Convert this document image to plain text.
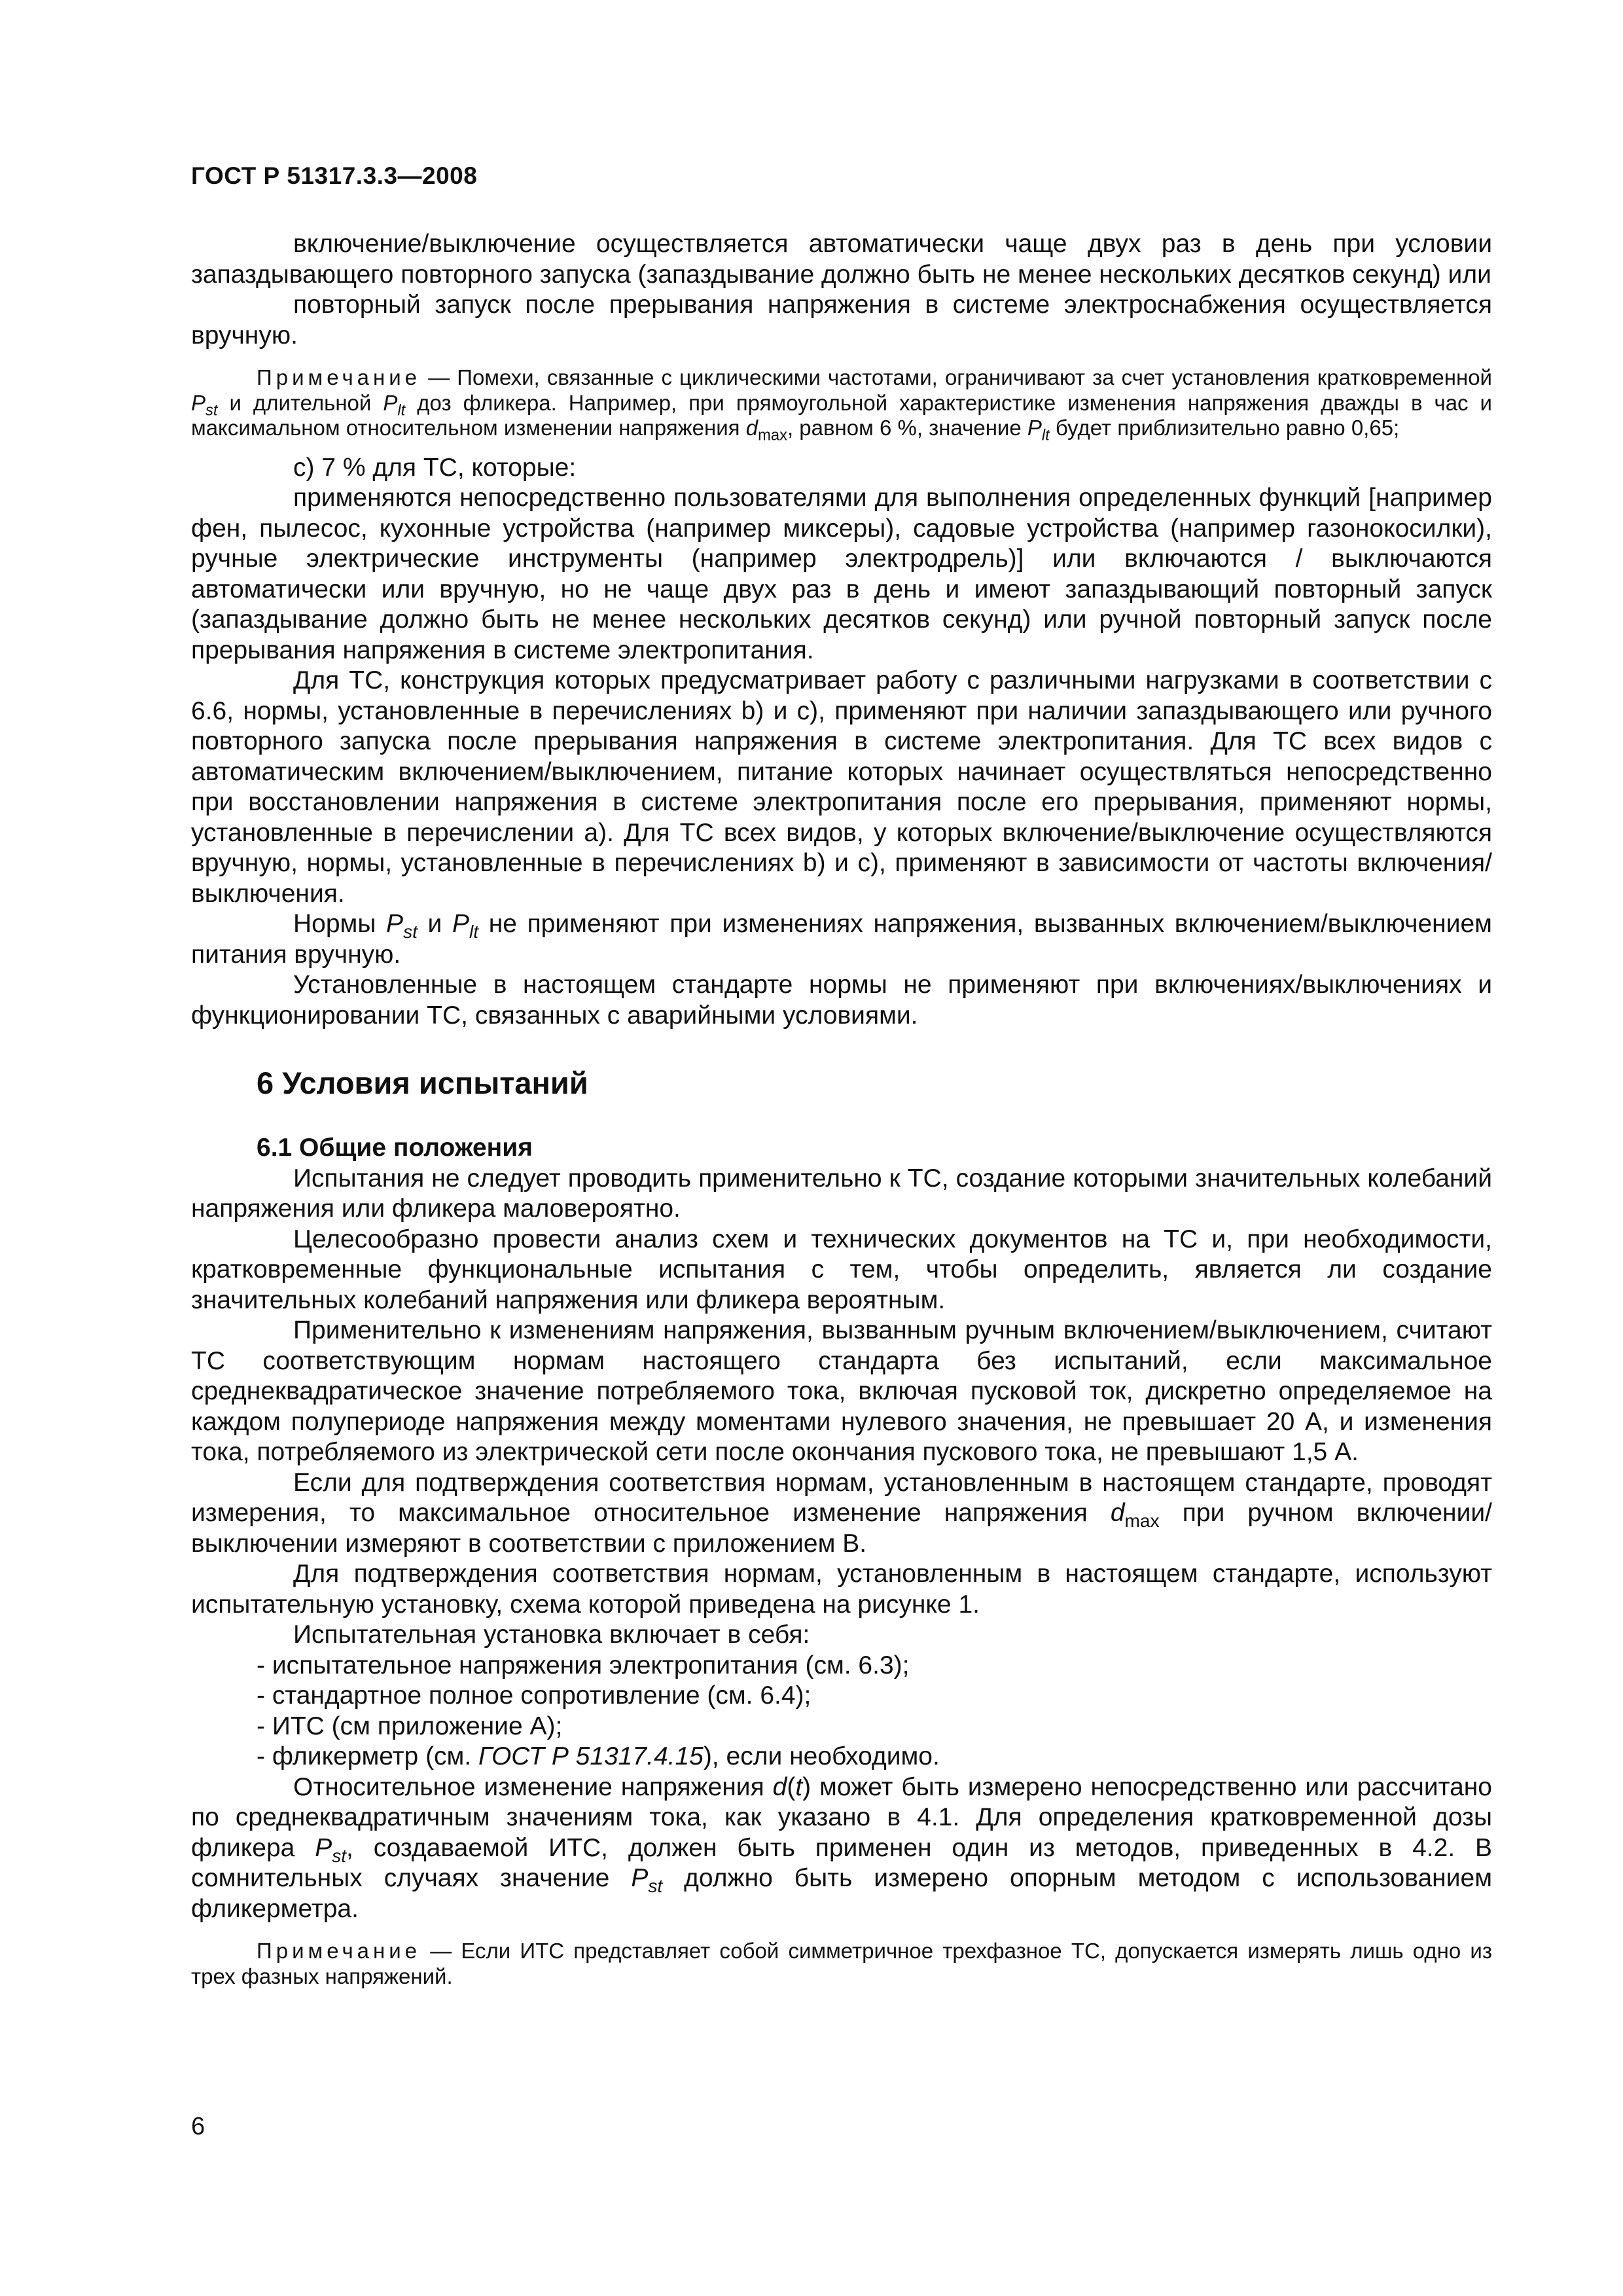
ГОСТ Р 51317.3.3—2008

включение/выключение осуществляется автоматически чаще двух раз в день при условии запаздывающего повторного запуска (запаздывание должно быть не менее нескольких десятков секунд) или

повторный запуск после прерывания напряжения в системе электроснабжения осуществляется вручную.

Примечание — Помехи, связанные с циклическими частотами, ограничивают за счет установления кратковременной $P_{st}$ и длительной $P_{lt}$ доз фликера. Например, при прямоугольной характеристике изменения напряжения дважды в час и максимальном относительном изменении напряжения $d_{max}$, равном 6 %, значение $P_{lt}$ будет приблизительно равно 0,65;

с) 7 % для ТС, которые:

применяются непосредственно пользователями для выполнения определенных функций [например фен, пылесос, кухонные устройства (например миксеры), садовые устройства (например газонокосилки), ручные электрические инструменты (например электродрель)] или включаются / выключаются автоматически или вручную, но не чаще двух раз в день и имеют запаздывающий повторный запуск (запаздывание должно быть не менее нескольких десятков секунд) или ручной повторный запуск после прерывания напряжения в системе электропитания.

Для ТС, конструкция которых предусматривает работу с различными нагрузками в соответствии с 6.6, нормы, установленные в перечислениях b) и с), применяют при наличии запаздывающего или ручного повторного запуска после прерывания напряжения в системе электропитания. Для ТС всех видов с автоматическим включением/выключением, питание которых начинает осуществляться непосредственно при восстановлении напряжения в системе электропитания после его прерывания, применяют нормы, установленные в перечислении а). Для ТС всех видов, у которых включение/выключение осуществляются вручную, нормы, установленные в перечислениях b) и с), применяют в зависимости от частоты включения/выключения.

Нормы $P_{st}$ и $P_{lt}$ не применяют при изменениях напряжения, вызванных включением/выключением питания вручную.

Установленные в настоящем стандарте нормы не применяют при включениях/выключениях и функционировании ТС, связанных с аварийными условиями.

6 Условия испытаний
6.1 Общие положения

Испытания не следует проводить применительно к ТС, создание которыми значительных колебаний напряжения или фликера маловероятно.

Целесообразно провести анализ схем и технических документов на ТС и, при необходимости, кратковременные функциональные испытания с тем, чтобы определить, является ли создание значительных колебаний напряжения или фликера вероятным.

Применительно к изменениям напряжения, вызванным ручным включением/выключением, считают ТС соответствующим нормам настоящего стандарта без испытаний, если максимальное среднеквадратическое значение потребляемого тока, включая пусковой ток, дискретно определяемое на каждом полупериоде напряжения между моментами нулевого значения, не превышает 20 А, и изменения тока, потребляемого из электрической сети после окончания пускового тока, не превышают 1,5 А.

Если для подтверждения соответствия нормам, установленным в настоящем стандарте, проводят измерения, то максимальное относительное изменение напряжения $d_{max}$ при ручном включении/выключении измеряют в соответствии с приложением В.

Для подтверждения соответствия нормам, установленным в настоящем стандарте, используют испытательную установку, схема которой приведена на рисунке 1.

Испытательная установка включает в себя:

- испытательное напряжения электропитания (см. 6.3);
- стандартное полное сопротивление (см. 6.4);
- ИТС (см приложение А);
- фликерметр (см. ГОСТ Р 51317.4.15), если необходимо.

Относительное изменение напряжения d(t) может быть измерено непосредственно или рассчитано по среднеквадратичным значениям тока, как указано в 4.1. Для определения кратковременной дозы фликера $P_{st}$, создаваемой ИТС, должен быть применен один из методов, приведенных в 4.2. В сомнительных случаях значение $P_{st}$ должно быть измерено опорным методом с использованием фликерметра.

Примечание — Если ИТС представляет собой симметричное трехфазное ТС, допускается измерять лишь одно из трех фазных напряжений.
6
